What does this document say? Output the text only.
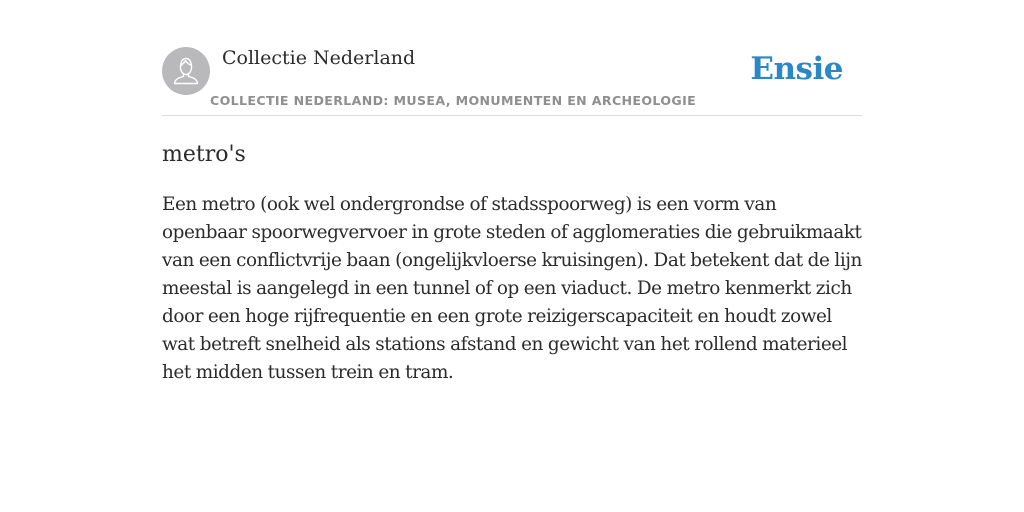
Collectie Nederland
COLLECTIE NEDERLAND: MUSEA, MONUMENTEN EN ARCHEOLOGIE
Ensie
metro's

Een metro (ook wel ondergrondse of stadsspoorweg) is een vorm van openbaar spoorwegvervoer in grote steden of agglomeraties die gebruikmaakt van een conflictvrije baan (ongelijkvloerse kruisingen). Dat betekent dat de lijn meestal is aangelegd in een tunnel of op een viaduct. De metro kenmerkt zich door een hoge rijfrequentie en een grote reizigerscapaciteit en houdt zowel wat betreft snelheid als stations afstand en gewicht van het rollend materieel het midden tussen trein en tram.
